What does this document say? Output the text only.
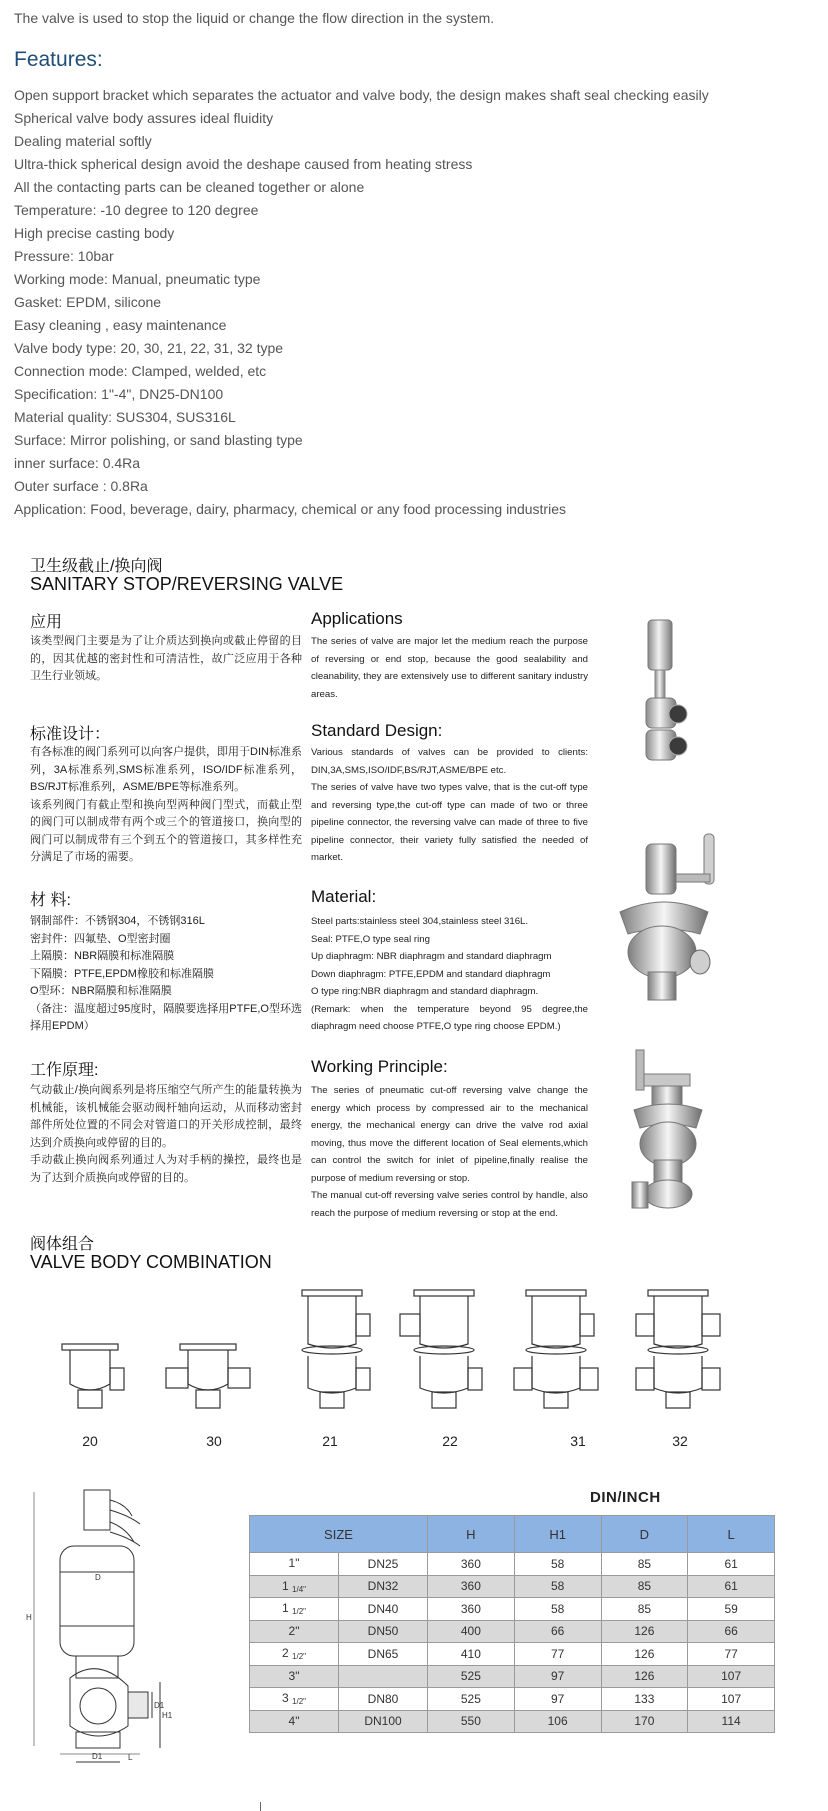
The valve is used to stop the liquid or change the flow direction in the system.
Features:
Open support bracket which separates the actuator and valve body, the design makes shaft seal checking easily
Spherical valve body assures ideal fluidity
Dealing material softly
Ultra-thick spherical design avoid the deshape caused from heating stress
All the contacting parts can be cleaned together or alone
Temperature: -10 degree to 120 degree
High precise casting body
Pressure: 10bar
Working mode: Manual, pneumatic type
Gasket: EPDM, silicone
Easy cleaning , easy maintenance
Valve body type: 20, 30, 21, 22, 31, 32 type
Connection mode: Clamped, welded, etc
Specification: 1"-4", DN25-DN100
Material quality: SUS304, SUS316L
Surface: Mirror polishing, or sand blasting type
inner surface: 0.4Ra
Outer surface : 0.8Ra
Application: Food, beverage, dairy, pharmacy, chemical or any food processing industries
卫生级截止/换向阀
SANITARY STOP/REVERSING VALVE
应用	Applications

该类型阀门主要是为了让介质达到换向或截止停留的目的，因其优越的密封性和可清洁性，故广泛应用于各种卫生行业领域。

The series of valve are major let the medium reach the purpose of reversing or end stop, because the good sealability and cleanability, they are extensively use to different sanitary industry areas.

标准设计：	Standard Design:

有各标准的阀门系列可以向客户提供，即用于DIN标准系列，3A标准系列,SMS标准系列，ISO/IDF标准系列，BS/RJT标准系列，ASME/BPE等标准系列。

该系列阀门有截止型和换向型两种阀门型式，而截止型的阀门可以制成带有两个或三个的管道接口，换向型的阀门可以制成带有三个到五个的管道接口，其多样性充分满足了市场的需要。

Various standards of valves can be provided to clients: DIN,3A,SMS,ISO/IDF,BS/RJT,ASME/BPE etc.

The series of valve have two types valve, that is the cut-off type and reversing type,the cut-off type can made of two or three pipeline connector, the reversing valve can made of three to five pipeline connector, their variety fully satisfied the needed of market.

材 料:	Material:

钢制部件：不锈钢304，不锈钢316L

密封件：四氟垫、O型密封圈

上隔膜：NBR隔膜和标准隔膜

下隔膜：PTFE,EPDM橡胶和标准隔膜

O型环：NBR隔膜和标准隔膜

（备注：温度超过95度时，隔膜要选择用PTFE,O型环选择用EPDM）

Steel parts:stainless steel 304,stainless steel 316L.

Seal: PTFE,O type seal ring

Up diaphragm: NBR diaphragm and standard diaphragm

Down diaphragm: PTFE,EPDM and standard diaphragm

O type ring:NBR diaphragm and standard diaphragm.

(Remark: when the temperature beyond 95 degree,the diaphragm need choose PTFE,O type ring choose EPDM.)

工作原理:	Working Principle:

气动截止/换向阀系列是将压缩空气所产生的能量转换为机械能，该机械能会驱动阀杆轴向运动，从而移动密封部件所处位置的不同会对管道口的开关形成控制，最终达到介质换向或停留的目的。

手动截止换向阀系列通过人为对手柄的操控，最终也是为了达到介质换向或停留的目的。

The series of pneumatic cut-off reversing valve change the energy which process by compressed air to the mechanical energy, the mechanical energy can drive the valve rod axial moving, thus move the different location of Seal elements,which can control the switch for inlet of pipeline,finally realise the purpose of medium reversing or stop.

The manual cut-off reversing valve series control by handle, also reach the purpose of medium reversing or stop at the end.

阀体组合
VALVE BODY COMBINATION
20	30	21	22	31	32
H
D
D1
H1
D1	L
DIN/INCH
SIZE		H	H1	D	L
1"	DN25	360	58	85	61
1 1/4"	DN32	360	58	85	61
1 1/2"	DN40	360	58	85	59
2"	DN50	400	66	126	66
2 1/2"	DN65	410	77	126	77
3"		525	97	126	107
3 1/2"	DN80	525	97	133	107
4"	DN100	550	106	170	114
